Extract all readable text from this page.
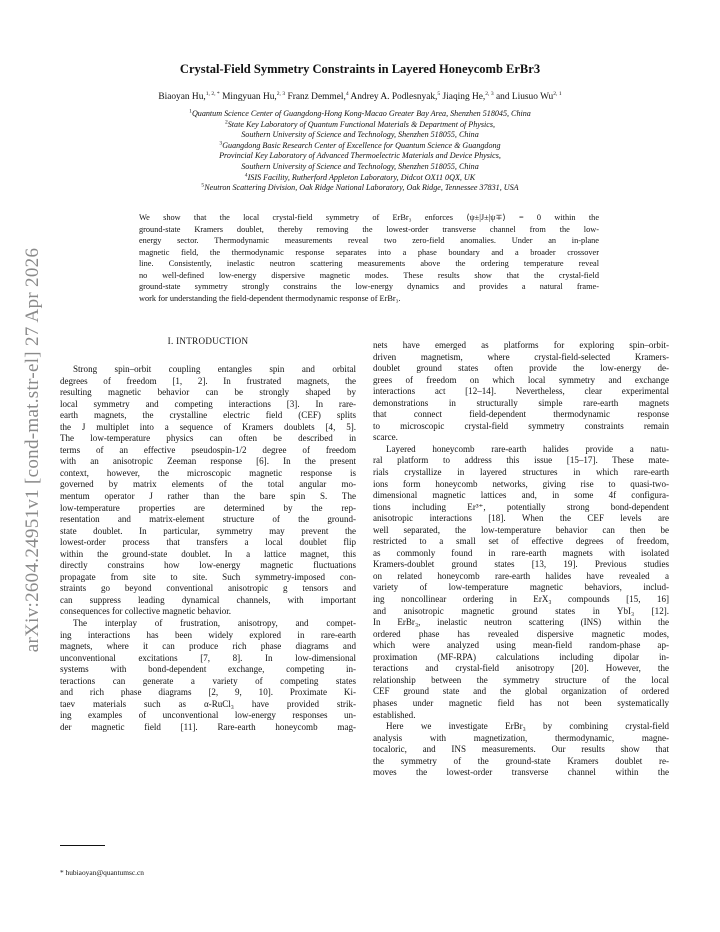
arXiv:2604.24951v1 [cond-mat.str-el] 27 Apr 2026
Crystal-Field Symmetry Constraints in Layered Honeycomb ErBr3
Biaoyan Hu,$^{1, 2, *}$ Mingyuan Hu,$^{2, 3}$ Franz Demmel,$^4$ Andrey A. Podlesnyak,$^5$ Jiaqing He,$^{2, 3}$ and Liusuo Wu$^{2, 1}$
$^1$Quantum Science Center of Guangdong-Hong Kong-Macao Greater Bay Area, Shenzhen 518045, China
$^2$State Key Laboratory of Quantum Functional Materials & Department of Physics,
Southern University of Science and Technology, Shenzhen 518055, China
$^3$Guangdong Basic Research Center of Excellence for Quantum Science & Guangdong
Provincial Key Laboratory of Advanced Thermoelectric Materials and Device Physics,
Southern University of Science and Technology, Shenzhen 518055, China
$^4$ISIS Facility, Rutherford Appleton Laboratory, Didcot OX11 0QX, UK
$^5$Neutron Scattering Division, Oak Ridge National Laboratory, Oak Ridge, Tennessee 37831, USA
We show that the local crystal-field symmetry of ErBr₃ enforces ⟨ψ±|J±|ψ∓⟩ = 0 within the
ground-state Kramers doublet, thereby removing the lowest-order transverse channel from the low-
energy sector. Thermodynamic measurements reveal two zero-field anomalies. Under an in-plane
magnetic field, the thermodynamic response separates into a phase boundary and a broader crossover
line. Consistently, inelastic neutron scattering measurements above the ordering temperature reveal
no well-defined low-energy dispersive magnetic modes. These results show that the crystal-field
ground-state symmetry strongly constrains the low-energy dynamics and provides a natural frame-
work for understanding the field-dependent thermodynamic response of ErBr₃.
I. INTRODUCTION
Strong spin–orbit coupling entangles spin and orbital
degrees of freedom [1, 2]. In frustrated magnets, the
resulting magnetic behavior can be strongly shaped by
local symmetry and competing interactions [3]. In rare-
earth magnets, the crystalline electric field (CEF) splits
the J multiplet into a sequence of Kramers doublets [4, 5].
The low-temperature physics can often be described in
terms of an effective pseudospin-1/2 degree of freedom
with an anisotropic Zeeman response [6]. In the present
context, however, the microscopic magnetic response is
governed by matrix elements of the total angular mo-
mentum operator J rather than the bare spin S. The
low-temperature properties are determined by the rep-
resentation and matrix-element structure of the ground-
state doublet. In particular, symmetry may prevent the
lowest-order process that transfers a local doublet flip
within the ground-state doublet. In a lattice magnet, this
directly constrains how low-energy magnetic fluctuations
propagate from site to site. Such symmetry-imposed con-
straints go beyond conventional anisotropic g tensors and
can suppress leading dynamical channels, with important
consequences for collective magnetic behavior.
The interplay of frustration, anisotropy, and compet-
ing interactions has been widely explored in rare-earth
magnets, where it can produce rich phase diagrams and
unconventional excitations [7, 8]. In low-dimensional
systems with bond-dependent exchange, competing in-
teractions can generate a variety of competing states
and rich phase diagrams [2, 9, 10]. Proximate Ki-
taev materials such as α-RuCl₃ have provided strik-
ing examples of unconventional low-energy responses un-
der magnetic field [11]. Rare-earth honeycomb mag-
nets have emerged as platforms for exploring spin–orbit-
driven magnetism, where crystal-field-selected Kramers-
doublet ground states often provide the low-energy de-
grees of freedom on which local symmetry and exchange
interactions act [12–14]. Nevertheless, clear experimental
demonstrations in structurally simple rare-earth magnets
that connect field-dependent thermodynamic response
to microscopic crystal-field symmetry constraints remain
scarce.
Layered honeycomb rare-earth halides provide a natu-
ral platform to address this issue [15–17]. These mate-
rials crystallize in layered structures in which rare-earth
ions form honeycomb networks, giving rise to quasi-two-
dimensional magnetic lattices and, in some 4f configura-
tions including Er³⁺, potentially strong bond-dependent
anisotropic interactions [18]. When the CEF levels are
well separated, the low-temperature behavior can then be
restricted to a small set of effective degrees of freedom,
as commonly found in rare-earth magnets with isolated
Kramers-doublet ground states [13, 19]. Previous studies
on related honeycomb rare-earth halides have revealed a
variety of low-temperature magnetic behaviors, includ-
ing noncollinear ordering in ErX₃ compounds [15, 16]
and anisotropic magnetic ground states in YbI₃ [12].
In ErBr₃, inelastic neutron scattering (INS) within the
ordered phase has revealed dispersive magnetic modes,
which were analyzed using mean-field random-phase ap-
proximation (MF-RPA) calculations including dipolar in-
teractions and crystal-field anisotropy [20]. However, the
relationship between the symmetry structure of the local
CEF ground state and the global organization of ordered
phases under magnetic field has not been systematically
established.
Here we investigate ErBr₃ by combining crystal-field
analysis with magnetization, thermodynamic, magne-
tocaloric, and INS measurements. Our results show that
the symmetry of the ground-state Kramers doublet re-
moves the lowest-order transverse channel within the
* hubiaoyan@quantumsc.cn
